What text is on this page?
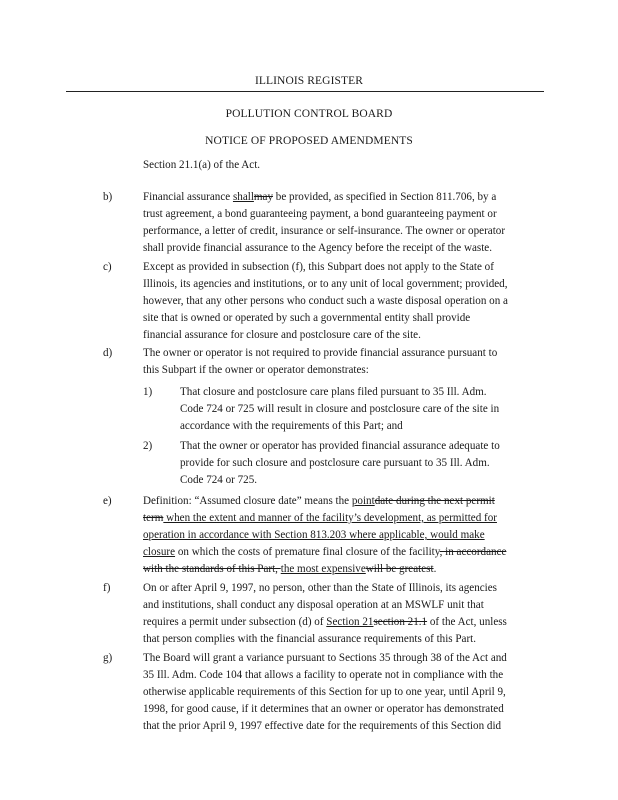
ILLINOIS REGISTER
POLLUTION CONTROL BOARD
NOTICE OF PROPOSED AMENDMENTS
Section 21.1(a) of the Act.
b)	Financial assurance shallmay be provided, as specified in Section 811.706, by a
trust agreement, a bond guaranteeing payment, a bond guaranteeing payment or
performance, a letter of credit, insurance or self-insurance. The owner or operator
shall provide financial assurance to the Agency before the receipt of the waste.
c)	Except as provided in subsection (f), this Subpart does not apply to the State of
Illinois, its agencies and institutions, or to any unit of local government; provided,
however, that any other persons who conduct such a waste disposal operation on a
site that is owned or operated by such a governmental entity shall provide
financial assurance for closure and postclosure care of the site.
d)	The owner or operator is not required to provide financial assurance pursuant to
this Subpart if the owner or operator demonstrates:
1)	That closure and postclosure care plans filed pursuant to 35 Ill. Adm.
Code 724 or 725 will result in closure and postclosure care of the site in
accordance with the requirements of this Part; and
2)	That the owner or operator has provided financial assurance adequate to
provide for such closure and postclosure care pursuant to 35 Ill. Adm.
Code 724 or 725.
e)	Definition: “Assumed closure date” means the pointdate during the next permit
term when the extent and manner of the facility’s development, as permitted for
operation in accordance with Section 813.203 where applicable, would make
closure on which the costs of premature final closure of the facility, in accordance
with the standards of this Part, the most expensivewill be greatest.
f)	On or after April 9, 1997, no person, other than the State of Illinois, its agencies
and institutions, shall conduct any disposal operation at an MSWLF unit that
requires a permit under subsection (d) of Section 21section 21.1 of the Act, unless
that person complies with the financial assurance requirements of this Part.
g)	The Board will grant a variance pursuant to Sections 35 through 38 of the Act and
35 Ill. Adm. Code 104 that allows a facility to operate not in compliance with the
otherwise applicable requirements of this Section for up to one year, until April 9,
1998, for good cause, if it determines that an owner or operator has demonstrated
that the prior April 9, 1997 effective date for the requirements of this Section did
